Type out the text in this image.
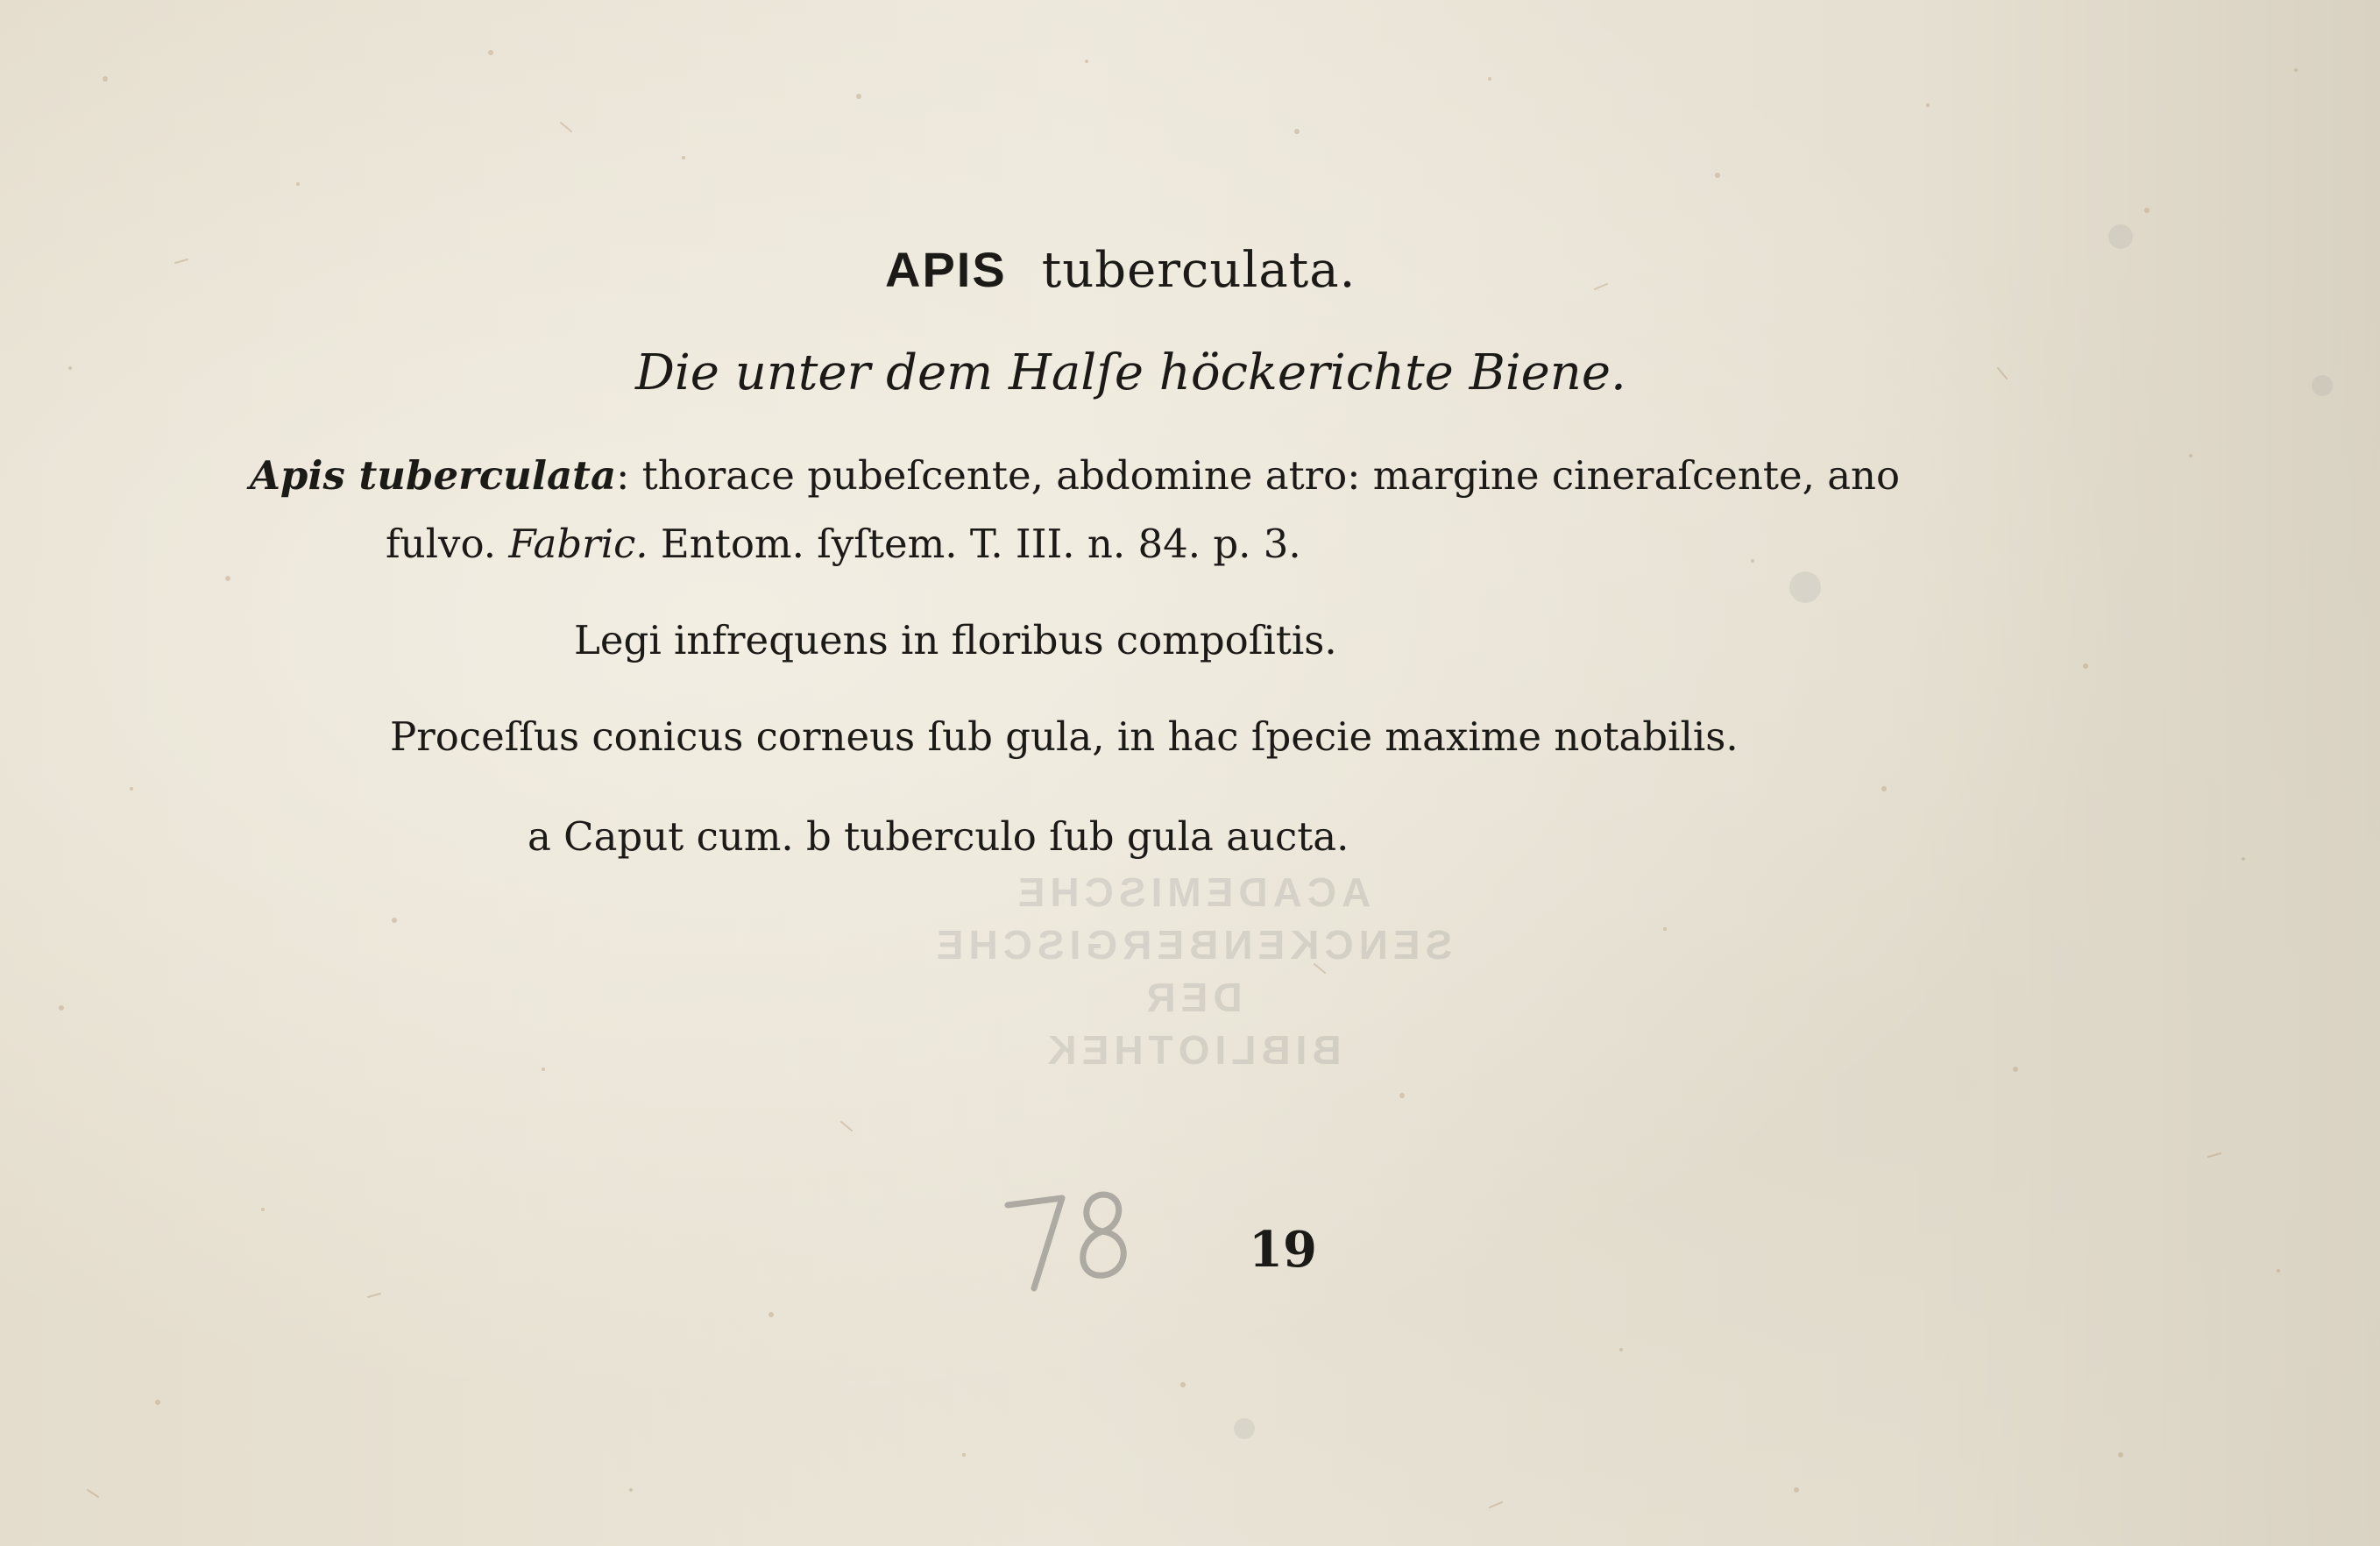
APIS tuberculata.
Die unter dem Halſe höckerichte Biene.
Apis tuberculata: thorace pubeſcente, abdomine atro: margine cineraſcente, ano
fulvo. Fabric. Entom. ſyſtem. T. III. n. 84. p. 3.
Legi infrequens in floribus compoſitis.
Proceſſus conicus corneus ſub gula, in hac ſpecie maxime notabilis.
a Caput cum. b tuberculo ſub gula aucta.
ACADEMISCHE
SENCKENBERGISCHE
DER
BIBLIOTHEK
19
